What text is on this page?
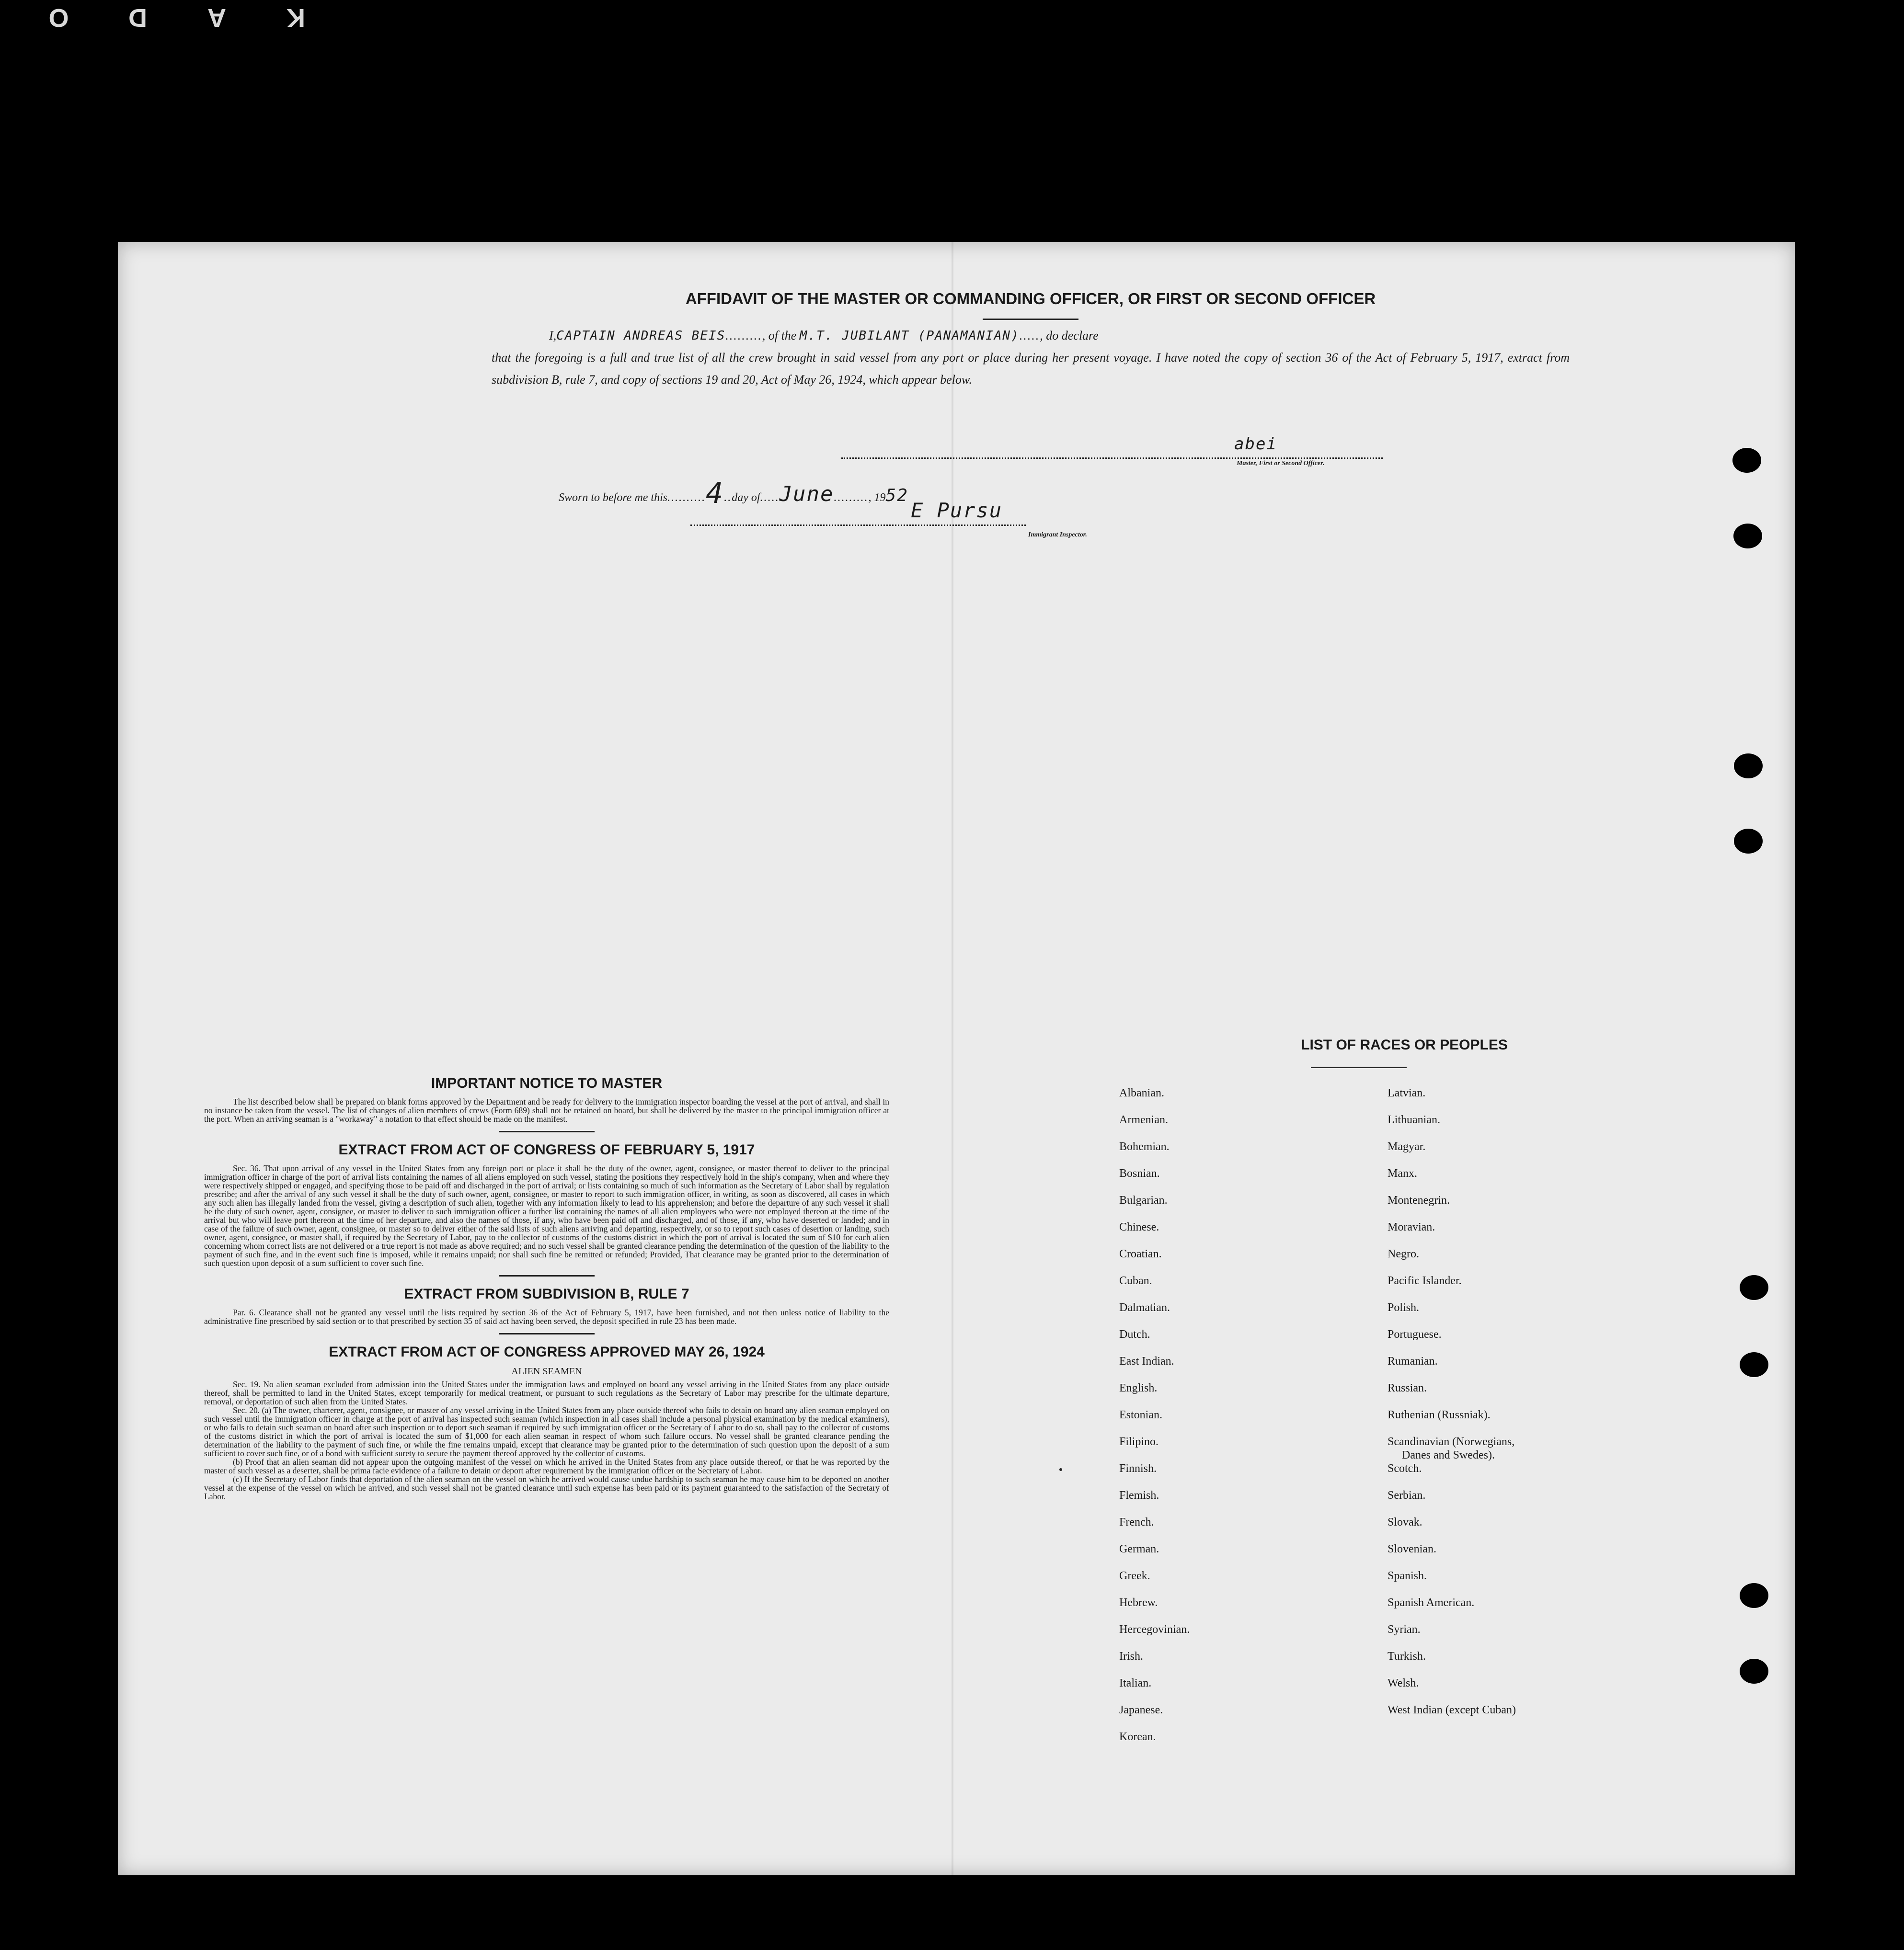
KADO
AFFIDAVIT OF THE MASTER OR COMMANDING OFFICER, OR FIRST OR SECOND OFFICER
I,CAPTAIN ANDREAS BEIS........., of the M.T. JUBILANT (PANAMANIAN)....., do declare
that the foregoing is a full and true list of all the crew brought in said vessel from any port or place during her present voyage. I have noted the copy of section 36 of the Act of February 5, 1917, extract from subdivision B, rule 7, and copy of sections 19 and 20, Act of May 26, 1924, which appear below.
abei
Master, First or Second Officer.
Sworn to before me this..........4..day of.....June........., 1952
E Pursu
Immigrant Inspector.
IMPORTANT NOTICE TO MASTER

The list described below shall be prepared on blank forms approved by the Department and be ready for delivery to the immigration inspector boarding the vessel at the port of arrival, and shall in no instance be taken from the vessel. The list of changes of alien members of crews (Form 689) shall not be retained on board, but shall be delivered by the master to the principal immigration officer at the port. When an arriving seaman is a "workaway" a notation to that effect should be made on the manifest.

EXTRACT FROM ACT OF CONGRESS OF FEBRUARY 5, 1917

Sec. 36. That upon arrival of any vessel in the United States from any foreign port or place it shall be the duty of the owner, agent, consignee, or master thereof to deliver to the principal immigration officer in charge of the port of arrival lists containing the names of all aliens employed on such vessel, stating the positions they respectively hold in the ship's company, when and where they were respectively shipped or engaged, and specifying those to be paid off and discharged in the port of arrival; or lists containing so much of such information as the Secretary of Labor shall by regulation prescribe; and after the arrival of any such vessel it shall be the duty of such owner, agent, consignee, or master to report to such immigration officer, in writing, as soon as discovered, all cases in which any such alien has illegally landed from the vessel, giving a description of such alien, together with any information likely to lead to his apprehension; and before the departure of any such vessel it shall be the duty of such owner, agent, consignee, or master to deliver to such immigration officer a further list containing the names of all alien employees who were not employed thereon at the time of the arrival but who will leave port thereon at the time of her departure, and also the names of those, if any, who have been paid off and discharged, and of those, if any, who have deserted or landed; and in case of the failure of such owner, agent, consignee, or master so to deliver either of the said lists of such aliens arriving and departing, respectively, or so to report such cases of desertion or landing, such owner, agent, consignee, or master shall, if required by the Secretary of Labor, pay to the collector of customs of the customs district in which the port of arrival is located the sum of $10 for each alien concerning whom correct lists are not delivered or a true report is not made as above required; and no such vessel shall be granted clearance pending the determination of the question of the liability to the payment of such fine, and in the event such fine is imposed, while it remains unpaid; nor shall such fine be remitted or refunded; Provided, That clearance may be granted prior to the determination of such question upon deposit of a sum sufficient to cover such fine.

EXTRACT FROM SUBDIVISION B, RULE 7

Par. 6. Clearance shall not be granted any vessel until the lists required by section 36 of the Act of February 5, 1917, have been furnished, and not then unless notice of liability to the administrative fine prescribed by said section or to that prescribed by section 35 of said act having been served, the deposit specified in rule 23 has been made.

EXTRACT FROM ACT OF CONGRESS APPROVED MAY 26, 1924
ALIEN SEAMEN

Sec. 19. No alien seaman excluded from admission into the United States under the immigration laws and employed on board any vessel arriving in the United States from any place outside thereof, shall be permitted to land in the United States, except temporarily for medical treatment, or pursuant to such regulations as the Secretary of Labor may prescribe for the ultimate departure, removal, or deportation of such alien from the United States.

Sec. 20. (a) The owner, charterer, agent, consignee, or master of any vessel arriving in the United States from any place outside thereof who fails to detain on board any alien seaman employed on such vessel until the immigration officer in charge at the port of arrival has inspected such seaman (which inspection in all cases shall include a personal physical examination by the medical examiners), or who fails to detain such seaman on board after such inspection or to deport such seaman if required by such immigration officer or the Secretary of Labor to do so, shall pay to the collector of customs of the customs district in which the port of arrival is located the sum of $1,000 for each alien seaman in respect of whom such failure occurs. No vessel shall be granted clearance pending the determination of the liability to the payment of such fine, or while the fine remains unpaid, except that clearance may be granted prior to the determination of such question upon the deposit of a sum sufficient to cover such fine, or of a bond with sufficient surety to secure the payment thereof approved by the collector of customs.

(b) Proof that an alien seaman did not appear upon the outgoing manifest of the vessel on which he arrived in the United States from any place outside thereof, or that he was reported by the master of such vessel as a deserter, shall be prima facie evidence of a failure to detain or deport after requirement by the immigration officer or the Secretary of Labor.

(c) If the Secretary of Labor finds that deportation of the alien seaman on the vessel on which he arrived would cause undue hardship to such seaman he may cause him to be deported on another vessel at the expense of the vessel on which he arrived, and such vessel shall not be granted clearance until such expense has been paid or its payment guaranteed to the satisfaction of the Secretary of Labor.

LIST OF RACES OR PEOPLES
Albanian.	Latvian.
Armenian.	Lithuanian.
Bohemian.	Magyar.
Bosnian.	Manx.
Bulgarian.	Montenegrin.
Chinese.	Moravian.
Croatian.	Negro.
Cuban.	Pacific Islander.
Dalmatian.	Polish.
Dutch.	Portuguese.
East Indian.	Rumanian.
English.	Russian.
Estonian.	Ruthenian (Russniak).
Filipino.	Scandinavian (Norwegians,

Danes and Swedes).
Finnish.	Scotch.
Flemish.	Serbian.
French.	Slovak.
German.	Slovenian.
Greek.	Spanish.
Hebrew.	Spanish American.
Hercegovinian.	Syrian.
Irish.	Turkish.
Italian.	Welsh.
Japanese.	West Indian (except Cuban)
Korean.
